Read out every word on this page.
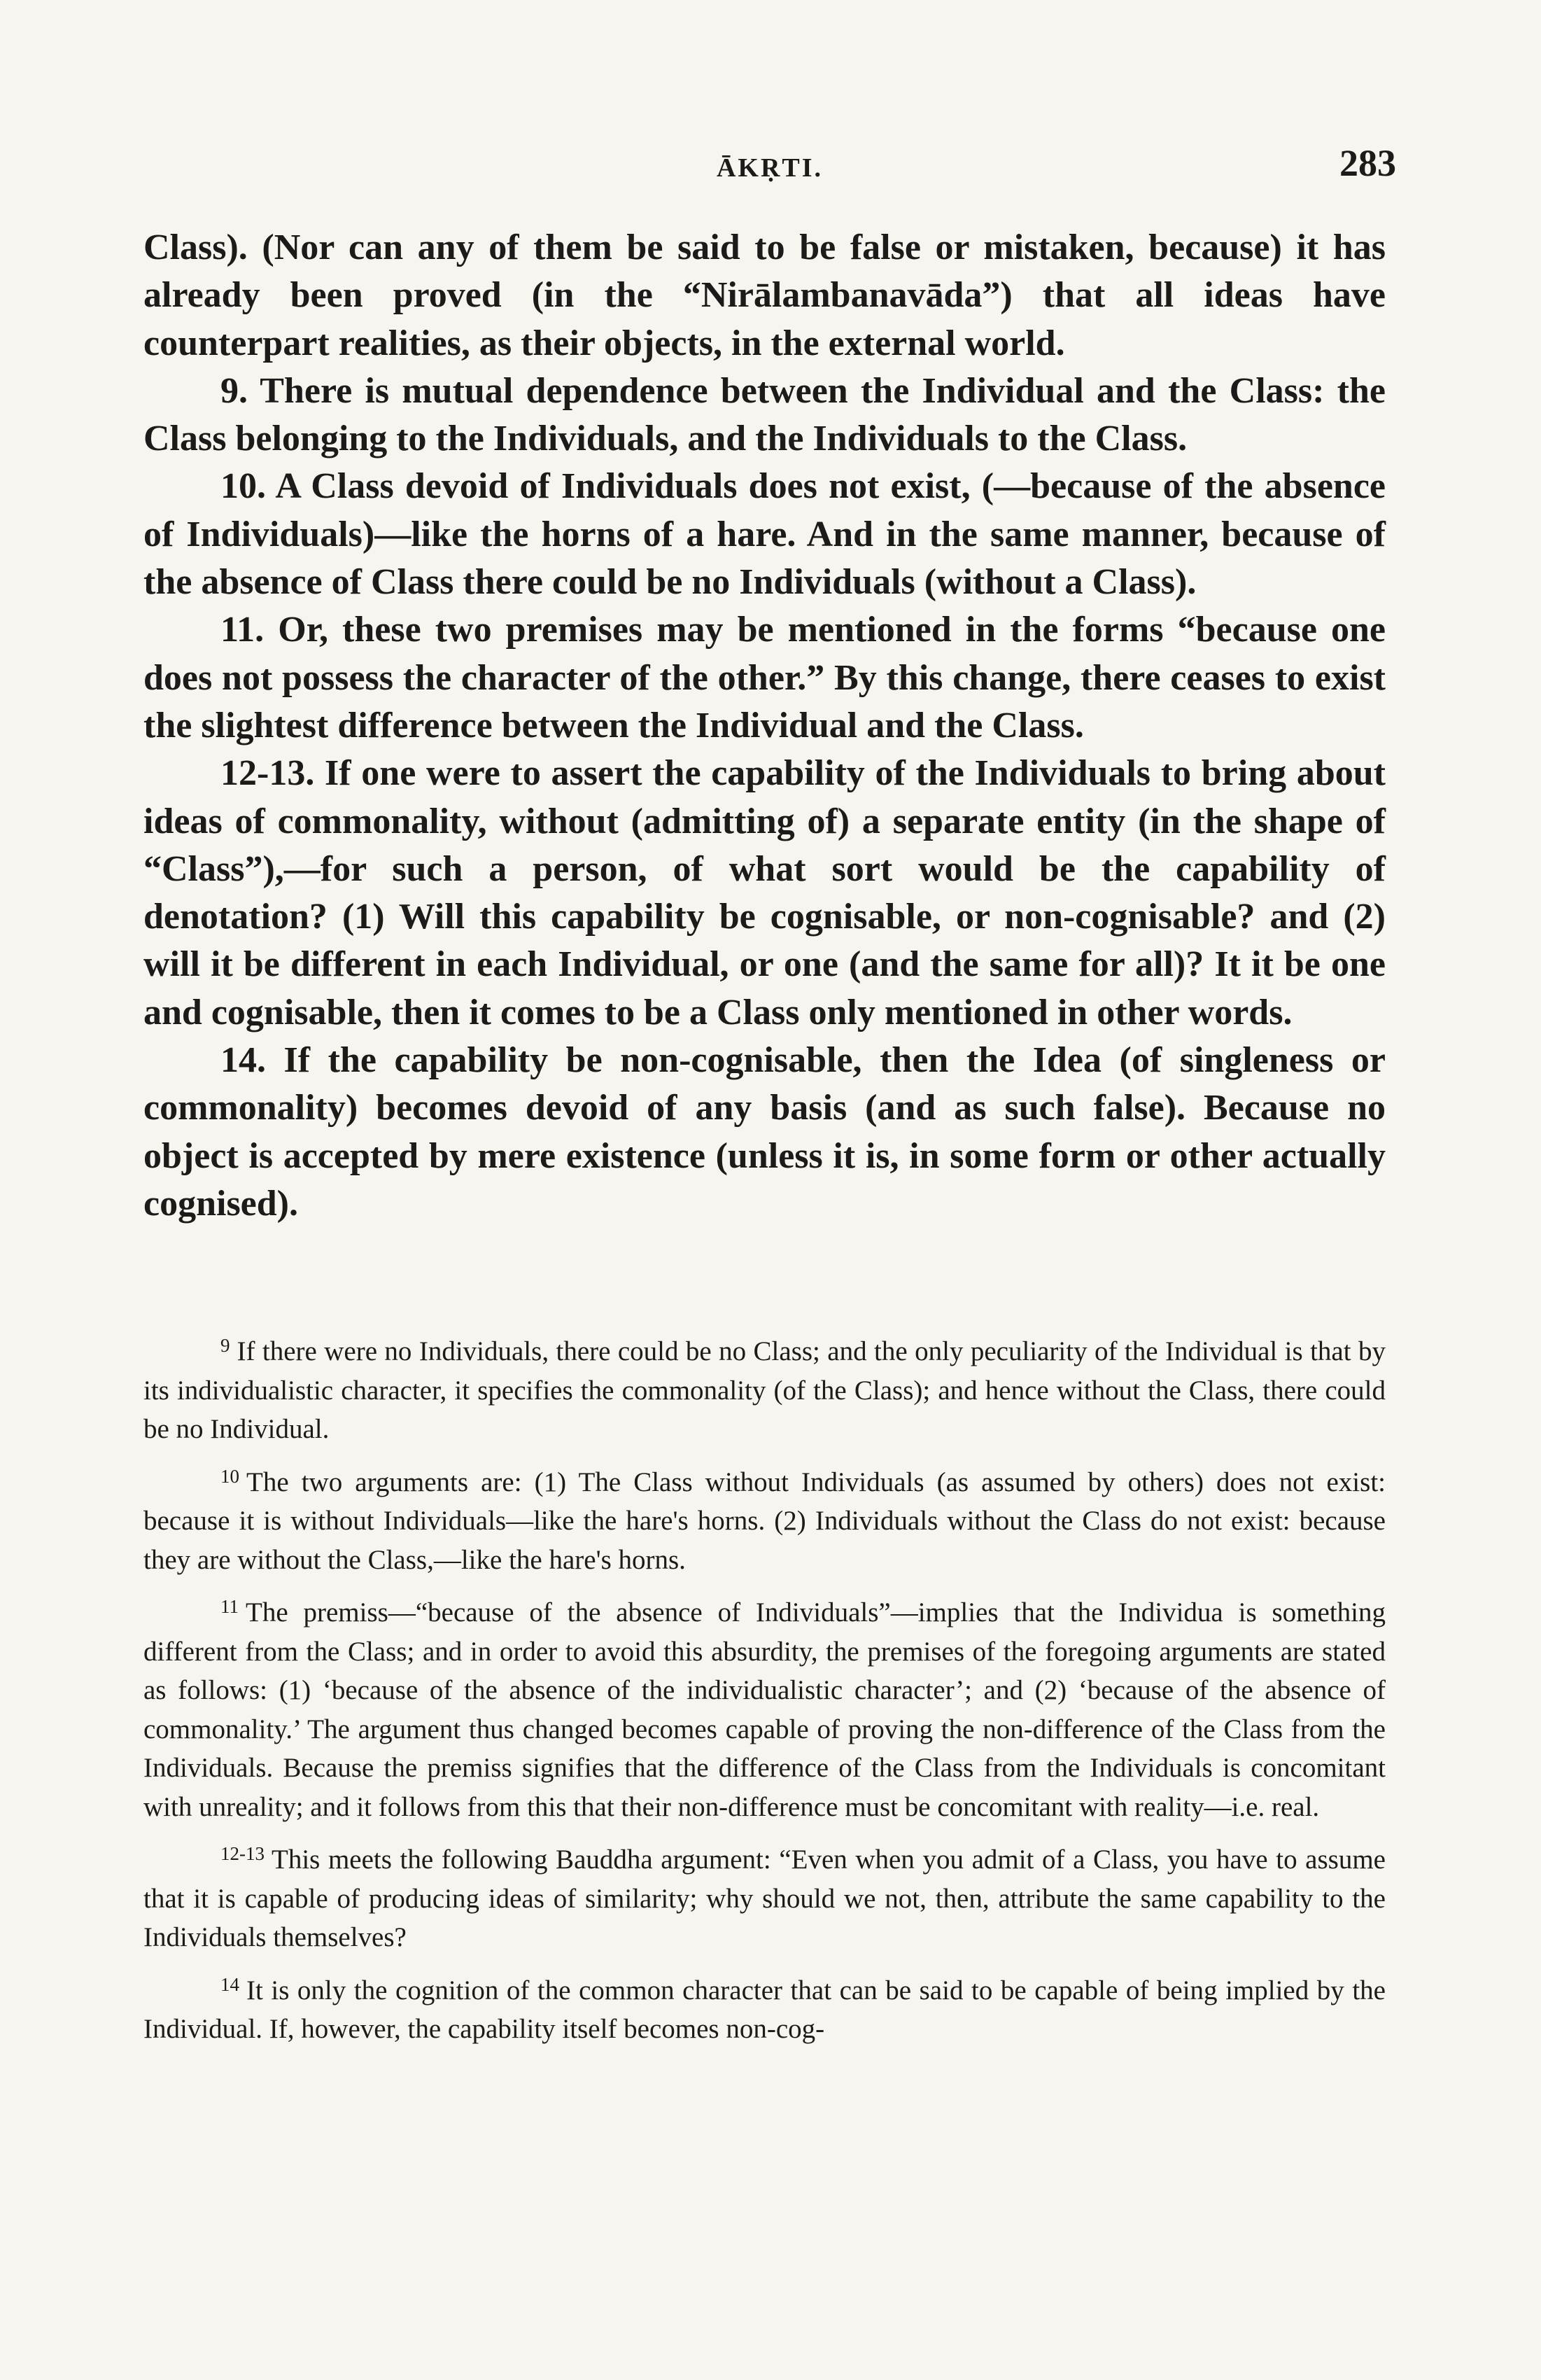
ĀKṚTI.	283

Class). (Nor can any of them be said to be false or mistaken, because) it has already been proved (in the “Nirālambanavāda”) that all ideas have counterpart realities, as their objects, in the external world.

9. There is mutual dependence between the Individual and the Class: the Class belonging to the Individuals, and the Individuals to the Class.

10. A Class devoid of Individuals does not exist, (—because of the absence of Individuals)—like the horns of a hare. And in the same manner, because of the absence of Class there could be no Individuals (without a Class).

11. Or, these two premises may be mentioned in the forms “because one does not possess the character of the other.” By this change, there ceases to exist the slightest difference between the Individual and the Class.

12-13. If one were to assert the capability of the Individuals to bring about ideas of commonality, without (admitting of) a separate entity (in the shape of “Class”),—for such a person, of what sort would be the capability of denotation? (1) Will this capability be cognisable, or non-cognisable? and (2) will it be different in each Individual, or one (and the same for all)? It it be one and cognisable, then it comes to be a Class only mentioned in other words.

14. If the capability be non-cognisable, then the Idea (of singleness or commonality) becomes devoid of any basis (and as such false). Because no object is accepted by mere existence (unless it is, in some form or other actually cognised).

$^9$ If there were no Individuals, there could be no Class; and the only peculiarity of the Individual is that by its individualistic character, it specifies the commonality (of the Class); and hence without the Class, there could be no Individual.

$^{10}$ The two arguments are: (1) The Class without Individuals (as assumed by others) does not exist: because it is without Individuals—like the hare's horns. (2) Individuals without the Class do not exist: because they are without the Class,—like the hare's horns.

$^{11}$ The premiss—“because of the absence of Individuals”—implies that the Individua is something different from the Class; and in order to avoid this absurdity, the premises of the foregoing arguments are stated as follows: (1) ‘because of the absence of the individualistic character’; and (2) ‘because of the absence of commonality.’ The argument thus changed becomes capable of proving the non-difference of the Class from the Individuals. Because the premiss signifies that the difference of the Class from the Individuals is concomitant with unreality; and it follows from this that their non-difference must be concomitant with reality—i.e. real.

$^{12-13}$ This meets the following Bauddha argument: “Even when you admit of a Class, you have to assume that it is capable of producing ideas of similarity; why should we not, then, attribute the same capability to the Individuals themselves?

$^{14}$ It is only the cognition of the common character that can be said to be capable of being implied by the Individual. If, however, the capability itself becomes non-cog-
